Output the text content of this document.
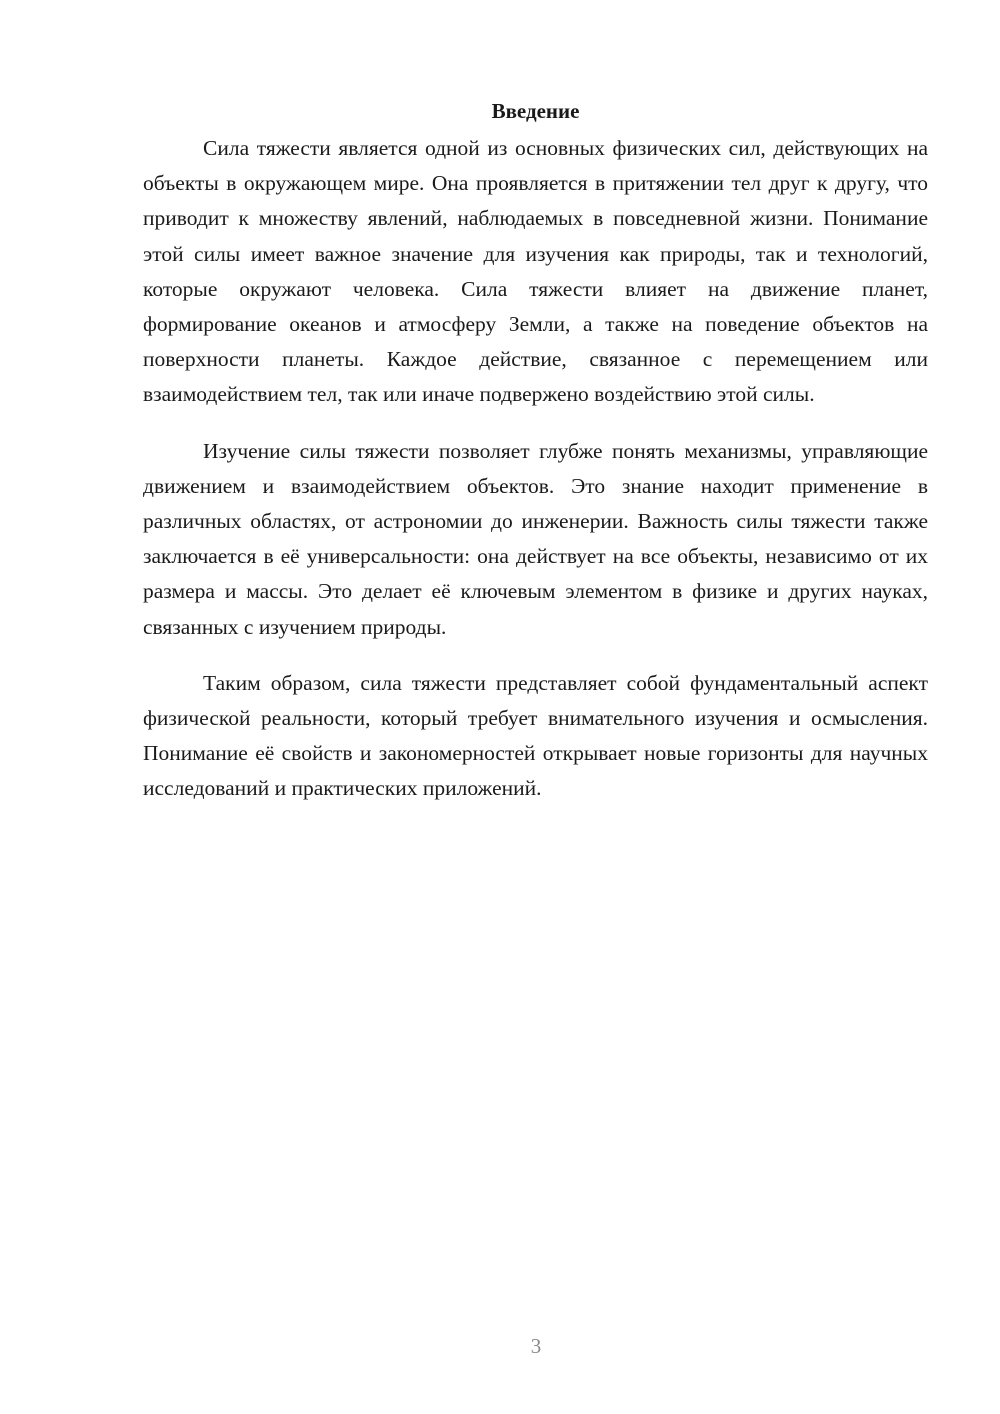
Введение

Сила тяжести является одной из основных физических сил, действующих на объекты в окружающем мире. Она проявляется в притяжении тел друг к другу, что приводит к множеству явлений, наблюдаемых в повседневной жизни. Понимание этой силы имеет важное значение для изучения как природы, так и технологий, которые окружают человека. Сила тяжести влияет на движение планет, формирование океанов и атмосферу Земли, а также на поведение объектов на поверхности планеты. Каждое действие, связанное с перемещением или взаимодействием тел, так или иначе подвержено воздействию этой силы.

Изучение силы тяжести позволяет глубже понять механизмы, управляющие движением и взаимодействием объектов. Это знание находит применение в различных областях, от астрономии до инженерии. Важность силы тяжести также заключается в её универсальности: она действует на все объекты, независимо от их размера и массы. Это делает её ключевым элементом в физике и других науках, связанных с изучением природы.

Таким образом, сила тяжести представляет собой фундаментальный аспект физической реальности, который требует внимательного изучения и осмысления. Понимание её свойств и закономерностей открывает новые горизонты для научных исследований и практических приложений.

3
